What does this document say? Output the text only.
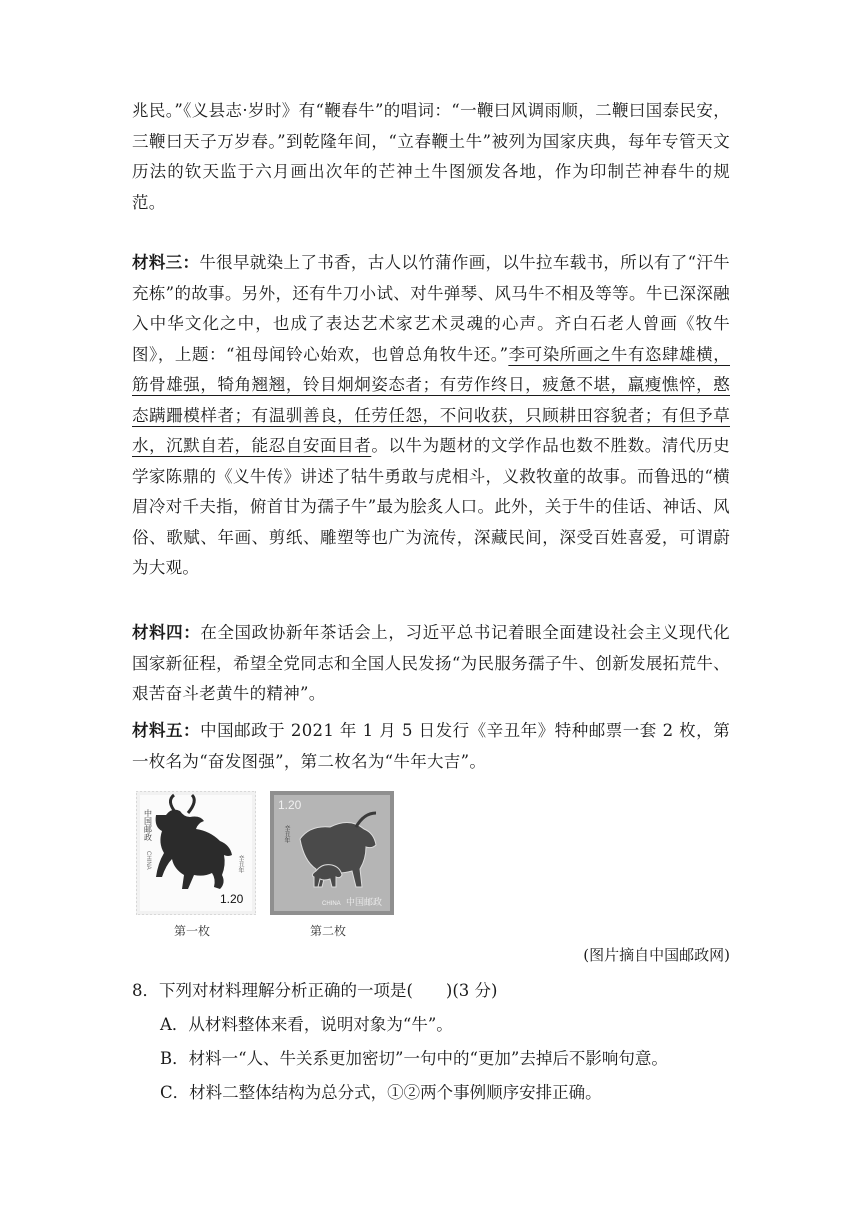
兆民。”《义县志·岁时》有“鞭春牛”的唱词：“一鞭曰风调雨顺，二鞭曰国泰民安，三鞭曰天子万岁春。”到乾隆年间，“立春鞭土牛”被列为国家庆典，每年专管天文历法的钦天监于六月画出次年的芒神土牛图颁发各地，作为印制芒神春牛的规范。

材料三：牛很早就染上了书香，古人以竹蒲作画，以牛拉车载书，所以有了“汗牛充栋”的故事。另外，还有牛刀小试、对牛弹琴、风马牛不相及等等。牛已深深融入中华文化之中，也成了表达艺术家艺术灵魂的心声。齐白石老人曾画《牧牛图》，上题：“祖母闻铃心始欢，也曾总角牧牛还。”李可染所画之牛有恣肆雄横，筋骨雄强，犄角翘翘，铃目炯炯姿态者；有劳作终日，疲惫不堪，羸瘦憔悴，憨态蹒跚模样者；有温驯善良，任劳任怨，不问收获，只顾耕田容貌者；有但予草水，沉默自若，能忍自安面目者。以牛为题材的文学作品也数不胜数。清代历史学家陈鼎的《义牛传》讲述了牯牛勇敢与虎相斗，义救牧童的故事。而鲁迅的“横眉冷对千夫指，俯首甘为孺子牛”最为脍炙人口。此外，关于牛的佳话、神话、风俗、歌赋、年画、剪纸、雕塑等也广为流传，深藏民间，深受百姓喜爱，可谓蔚为大观。

材料四：在全国政协新年茶话会上，习近平总书记着眼全面建设社会主义现代化国家新征程，希望全党同志和全国人民发扬“为民服务孺子牛、创新发展拓荒牛、艰苦奋斗老黄牛的精神”。

材料五：中国邮政于 2021 年 1 月 5 日发行《辛丑年》特种邮票一套 2 枚，第一枚名为“奋发图强”，第二枚名为“牛年大吉”。

中国邮政
CHINA	辛丑年
1.20
第一枚
1.20
辛丑年
CHINA 中国邮政
第二枚
(图片摘自中国邮政网)
8．下列对材料理解分析正确的一项是(　　)(3 分)
A．从材料整体来看，说明对象为“牛”。
B．材料一“人、牛关系更加密切”一句中的“更加”去掉后不影响句意。
C．材料二整体结构为总分式，①②两个事例顺序安排正确。
